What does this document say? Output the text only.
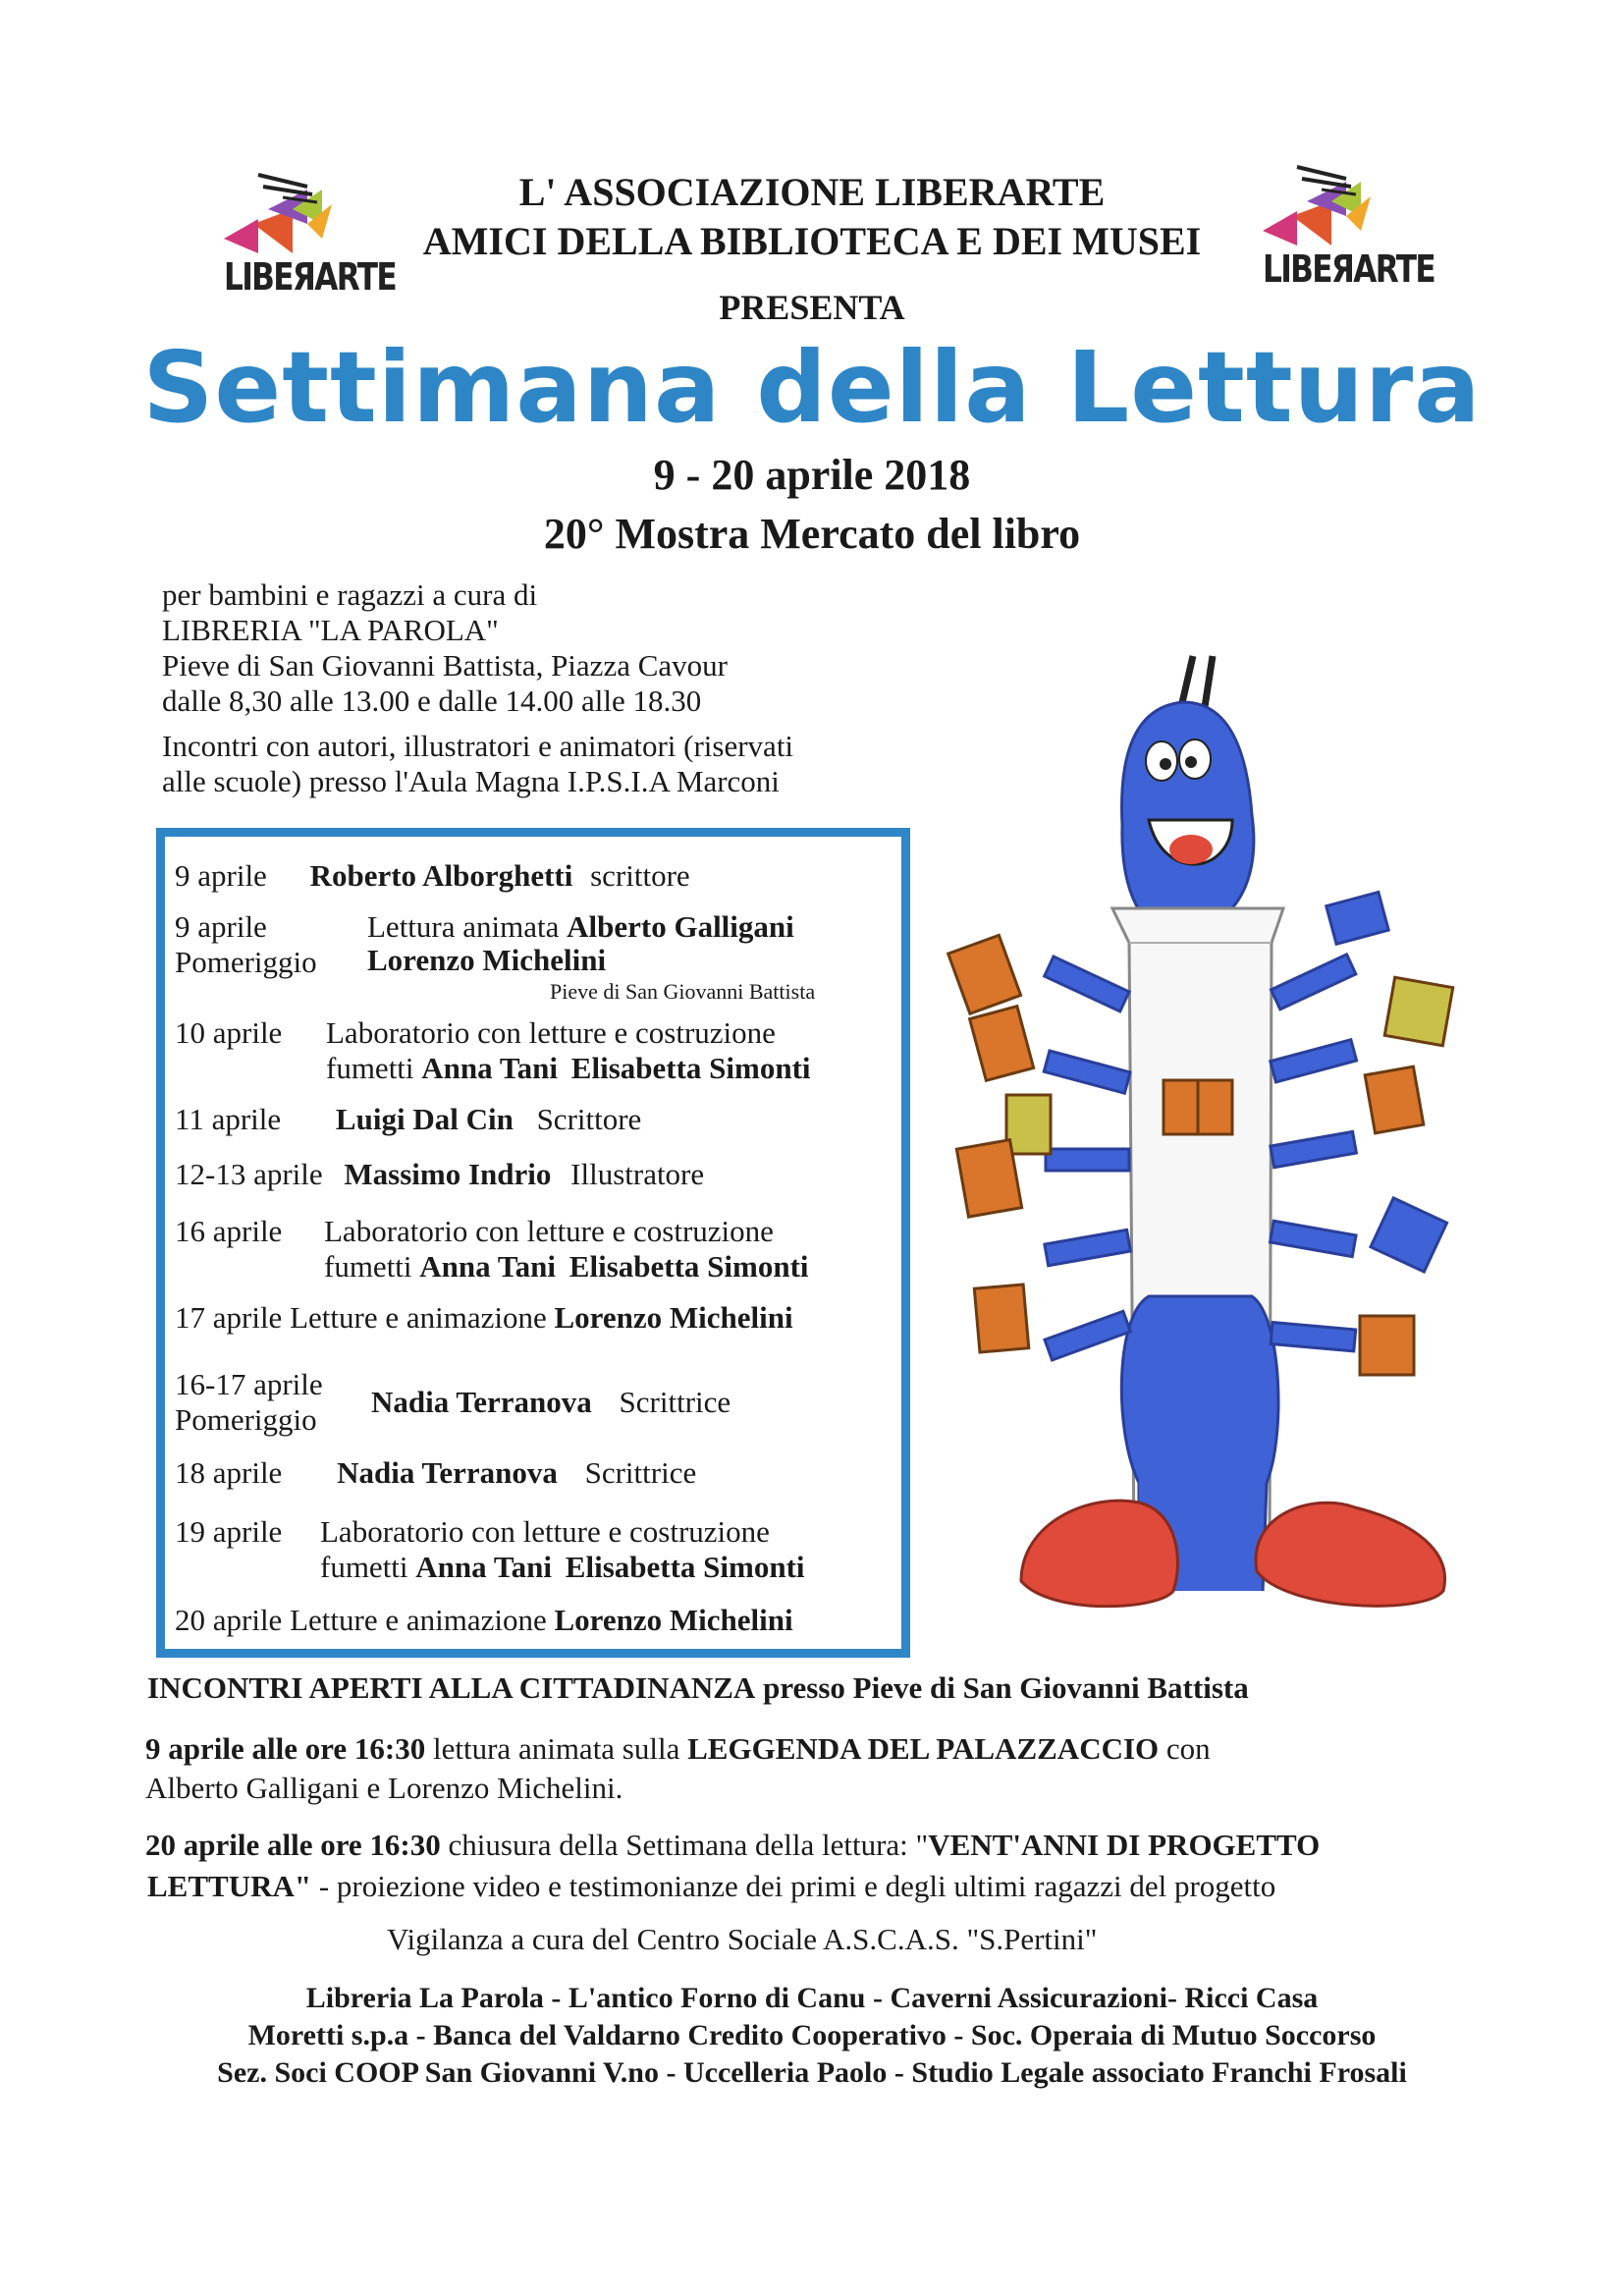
LIBEЯARTE	LIBEЯARTE
L' ASSOCIAZIONE LIBERARTE
AMICI DELLA BIBLIOTECA E DEI MUSEI
PRESENTA
Settimana della Lettura
9 - 20 aprile 2018
20° Mostra Mercato del libro
per bambini e ragazzi a cura di
LIBRERIA "LA PAROLA"
Pieve di San Giovanni Battista, Piazza Cavour
dalle 8,30 alle 13.00 e dalle 14.00 alle 18.30
Incontri con autori, illustratori e animatori (riservati
alle scuole) presso l'Aula Magna I.P.S.I.A Marconi
9 aprile Roberto Alborghetti scrittore
9 aprile
Pomeriggio
Lettura animata Alberto Galligani
Lorenzo Michelini
Pieve di San Giovanni Battista
10 aprile Laboratorio con letture e costruzione
fumetti Anna Tani Elisabetta Simonti
11 aprile Luigi Dal Cin Scrittore
12-13 aprile Massimo Indrio Illustratore
16 aprile Laboratorio con letture e costruzione
fumetti Anna Tani Elisabetta Simonti
17 aprile Letture e animazione Lorenzo Michelini
16-17 aprile
Pomeriggio
Nadia Terranova Scrittrice
18 aprile Nadia Terranova Scrittrice
19 aprile Laboratorio con letture e costruzione
fumetti Anna Tani Elisabetta Simonti
20 aprile Letture e animazione Lorenzo Michelini
INCONTRI APERTI ALLA CITTADINANZA presso Pieve di San Giovanni Battista
9 aprile alle ore 16:30 lettura animata sulla LEGGENDA DEL PALAZZACCIO con
Alberto Galligani e Lorenzo Michelini.
20 aprile alle ore 16:30 chiusura della Settimana della lettura: "VENT'ANNI DI PROGETTO
LETTURA" - proiezione video e testimonianze dei primi e degli ultimi ragazzi del progetto
Vigilanza a cura del Centro Sociale A.S.C.A.S. "S.Pertini"
Libreria La Parola - L'antico Forno di Canu - Caverni Assicurazioni- Ricci Casa
Moretti s.p.a - Banca del Valdarno Credito Cooperativo - Soc. Operaia di Mutuo Soccorso
Sez. Soci COOP San Giovanni V.no - Uccelleria Paolo - Studio Legale associato Franchi Frosali
